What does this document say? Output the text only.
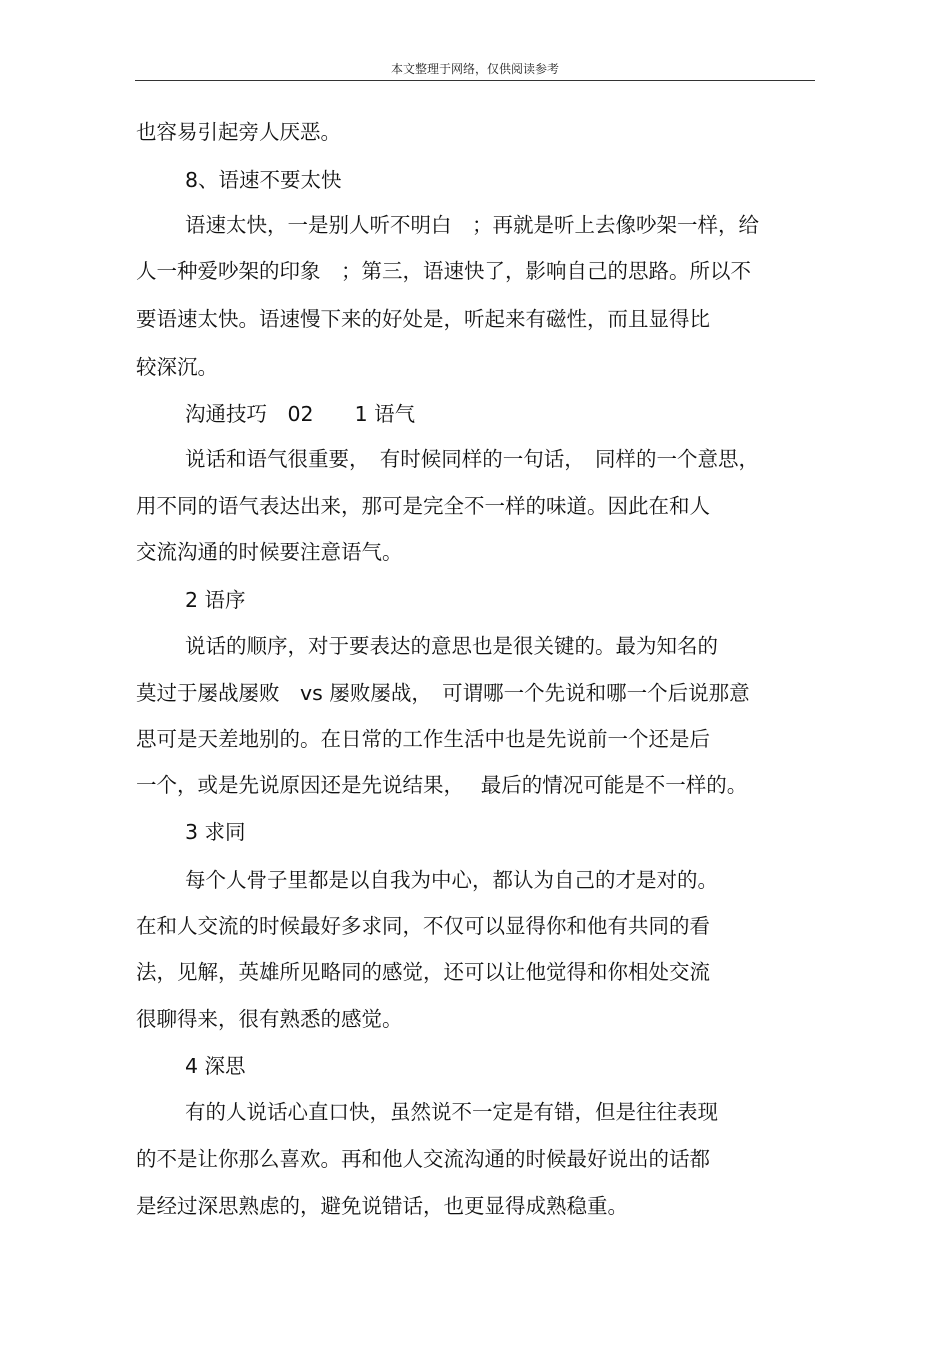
本文整理于网络，仅供阅读参考
也容易引起旁人厌恶。
8、语速不要太快
语速太快，一是别人听不明白　；再就是听上去像吵架一样，给
人一种爱吵架的印象　；第三，语速快了，影响自己的思路。所以不
要语速太快。语速慢下来的好处是，听起来有磁性，而且显得比
较深沉。
沟通技巧　02　　1 语气
说话和语气很重要，　有时候同样的一句话，　同样的一个意思，
用不同的语气表达出来，那可是完全不一样的味道。因此在和人
交流沟通的时候要注意语气。
2 语序
说话的顺序，对于要表达的意思也是很关键的。最为知名的
莫过于屡战屡败　vs 屡败屡战，　可谓哪一个先说和哪一个后说那意
思可是天差地别的。在日常的工作生活中也是先说前一个还是后
一个，或是先说原因还是先说结果，　 最后的情况可能是不一样的。
3 求同
每个人骨子里都是以自我为中心，都认为自己的才是对的。
在和人交流的时候最好多求同，不仅可以显得你和他有共同的看
法，见解，英雄所见略同的感觉，还可以让他觉得和你相处交流
很聊得来，很有熟悉的感觉。
4 深思
有的人说话心直口快，虽然说不一定是有错，但是往往表现
的不是让你那么喜欢。再和他人交流沟通的时候最好说出的话都
是经过深思熟虑的，避免说错话，也更显得成熟稳重。
